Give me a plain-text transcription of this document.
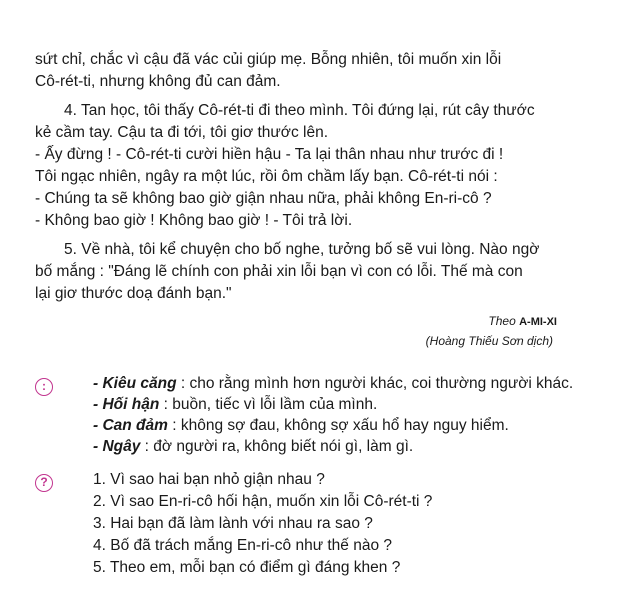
sứt chỉ, chắc vì cậu đã vác củi giúp mẹ. Bỗng nhiên, tôi muốn xin lỗi
Cô-rét-ti, nhưng không đủ can đảm.
4. Tan học, tôi thấy Cô-rét-ti đi theo mình. Tôi đứng lại, rút cây thước
kẻ cầm tay. Cậu ta đi tới, tôi giơ thước lên.
- Ấy đừng ! - Cô-rét-ti cười hiền hậu - Ta lại thân nhau như trước đi !
Tôi ngạc nhiên, ngây ra một lúc, rồi ôm chầm lấy bạn. Cô-rét-ti nói :
- Chúng ta sẽ không bao giờ giận nhau nữa, phải không En-ri-cô ?
- Không bao giờ ! Không bao giờ ! - Tôi trả lời.
5. Về nhà, tôi kể chuyện cho bố nghe, tưởng bố sẽ vui lòng. Nào ngờ
bố mắng : "Đáng lẽ chính con phải xin lỗi bạn vì con có lỗi. Thế mà con
lại giơ thước doạ đánh bạn."
Theo A-MI-XI
(Hoàng Thiếu Sơn dịch)
:	- Kiêu căng : cho rằng mình hơn người khác, coi thường người khác.
- Hối hận : buồn, tiếc vì lỗi lầm của mình.
- Can đảm : không sợ đau, không sợ xấu hổ hay nguy hiểm.
- Ngây : đờ người ra, không biết nói gì, làm gì.
?	1. Vì sao hai bạn nhỏ giận nhau ?
2. Vì sao En-ri-cô hối hận, muốn xin lỗi Cô-rét-ti ?
3. Hai bạn đã làm lành với nhau ra sao ?
4. Bố đã trách mắng En-ri-cô như thế nào ?
5. Theo em, mỗi bạn có điểm gì đáng khen ?
